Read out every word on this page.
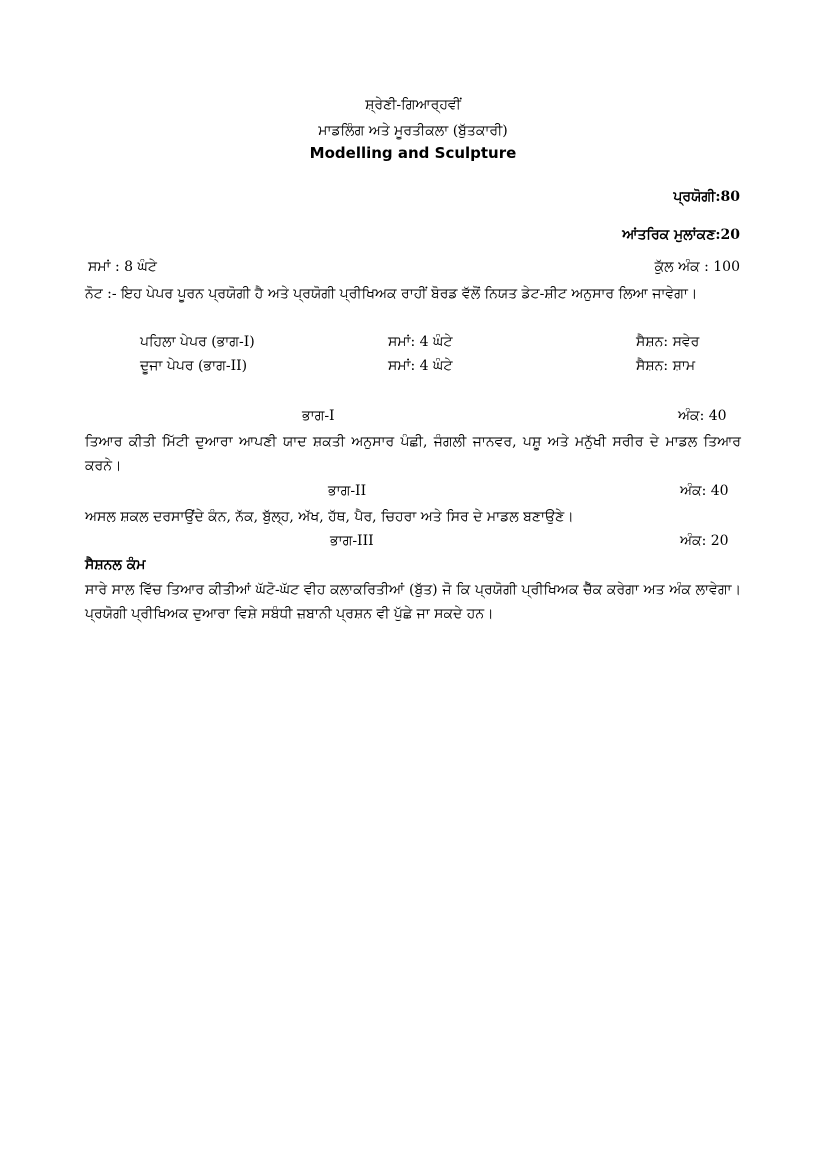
ਸ਼੍ਰੇਣੀ-ਗਿਆਰ੍ਹਵੀਂ
ਮਾਡਲਿੰਗ ਅਤੇ ਮੂਰਤੀਕਲਾ (ਬੁੱਤਕਾਰੀ)
Modelling and Sculpture
ਪ੍ਰਯੋਗੀ:80
ਆਂਤਰਿਕ ਮੁਲਾਂਕਣ:20
ਸਮਾਂ : 8 ਘੰਟੇ	ਕੁੱਲ ਅੰਕ : 100
ਨੋਟ :- ਇਹ ਪੇਪਰ ਪੂਰਨ ਪ੍ਰਯੋਗੀ ਹੈ ਅਤੇ ਪ੍ਰਯੋਗੀ ਪ੍ਰੀਖਿਅਕ ਰਾਹੀਂ ਬੋਰਡ ਵੱਲੋਂ ਨਿਯਤ ਡੇਟ-ਸ਼ੀਟ ਅਨੁਸਾਰ ਲਿਆ ਜਾਵੇਗਾ।
ਪਹਿਲਾ ਪੇਪਰ (ਭਾਗ-I)	ਸਮਾਂ: 4 ਘੰਟੇ	ਸੈਸ਼ਨ: ਸਵੇਰ
ਦੂਜਾ ਪੇਪਰ (ਭਾਗ-II)	ਸਮਾਂ: 4 ਘੰਟੇ	ਸੈਸ਼ਨ: ਸ਼ਾਮ
ਭਾਗ-I	ਅੰਕ: 40
ਤਿਆਰ ਕੀਤੀ ਮਿੱਟੀ ਦੁਆਰਾ ਆਪਣੀ ਯਾਦ ਸ਼ਕਤੀ ਅਨੁਸਾਰ ਪੰਛੀ, ਜੰਗਲੀ ਜਾਨਵਰ, ਪਸ਼ੂ ਅਤੇ ਮਨੁੱਖੀ ਸਰੀਰ ਦੇ ਮਾਡਲ ਤਿਆਰ ਕਰਨੇ।
ਭਾਗ-II	ਅੰਕ: 40
ਅਸਲ ਸ਼ਕਲ ਦਰਸਾਉਂਦੇ ਕੰਨ, ਨੱਕ, ਬੁੱਲ੍ਹ, ਅੱਖ, ਹੱਥ, ਪੈਰ, ਚਿਹਰਾ ਅਤੇ ਸਿਰ ਦੇ ਮਾਡਲ ਬਣਾਉਣੇ।
ਭਾਗ-III	ਅੰਕ: 20
ਸੈਸ਼ਨਲ ਕੰਮ
ਸਾਰੇ ਸਾਲ ਵਿੱਚ ਤਿਆਰ ਕੀਤੀਆਂ ਘੱਟੋ-ਘੱਟ ਵੀਹ ਕਲਾਕਰਿਤੀਆਂ (ਬੁੱਤ) ਜੋ ਕਿ ਪ੍ਰਯੋਗੀ ਪ੍ਰੀਖਿਅਕ ਚੈੱਕ ਕਰੇਗਾ ਅਤ ਅੰਕ ਲਾਵੇਗਾ। ਪ੍ਰਯੋਗੀ ਪ੍ਰੀਖਿਅਕ ਦੁਆਰਾ ਵਿਸ਼ੇ ਸਬੰਧੀ ਜ਼ਬਾਨੀ ਪ੍ਰਸ਼ਨ ਵੀ ਪੁੱਛੇ ਜਾ ਸਕਦੇ ਹਨ।
